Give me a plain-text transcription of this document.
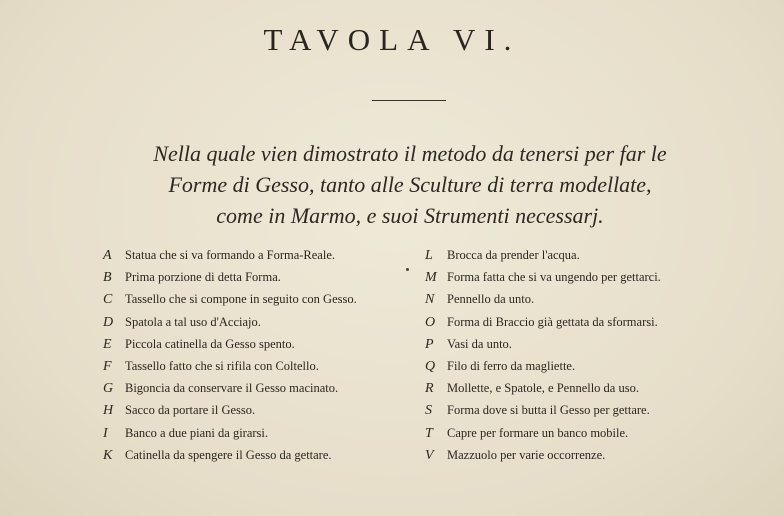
TAVOLA VI.
Nella quale vien dimostrato il metodo da tenersi per far le
Forme di Gesso, tanto alle Sculture di terra modellate,
come in Marmo, e suoi Strumenti necessarj.
A	Statua che si va formando a Forma-Reale.
B	Prima porzione di detta Forma.
C	Tassello che si compone in seguito con Gesso.
D Spatola a tal uso d'Acciajo.
E	Piccola catinella da Gesso spento.
F	Tassello fatto che si rifila con Coltello.
G Bigoncia da conservare il Gesso macinato.
H Sacco da portare il Gesso.
I	Banco a due piani da girarsi.
K	Catinella da spengere il Gesso da gettare.
L	Brocca da prender l'acqua.
M Forma fatta che si va ungendo per gettarci.
N	Pennello da unto.
O Forma di Braccio già gettata da sformarsi.
P	Vasi da unto.
Q Filo di ferro da magliette.
R	Mollette, e Spatole, e Pennello da uso.
S	Forma dove si butta il Gesso per gettare.
T	Capre per formare un banco mobile.
V	Mazzuolo per varie occorrenze.
